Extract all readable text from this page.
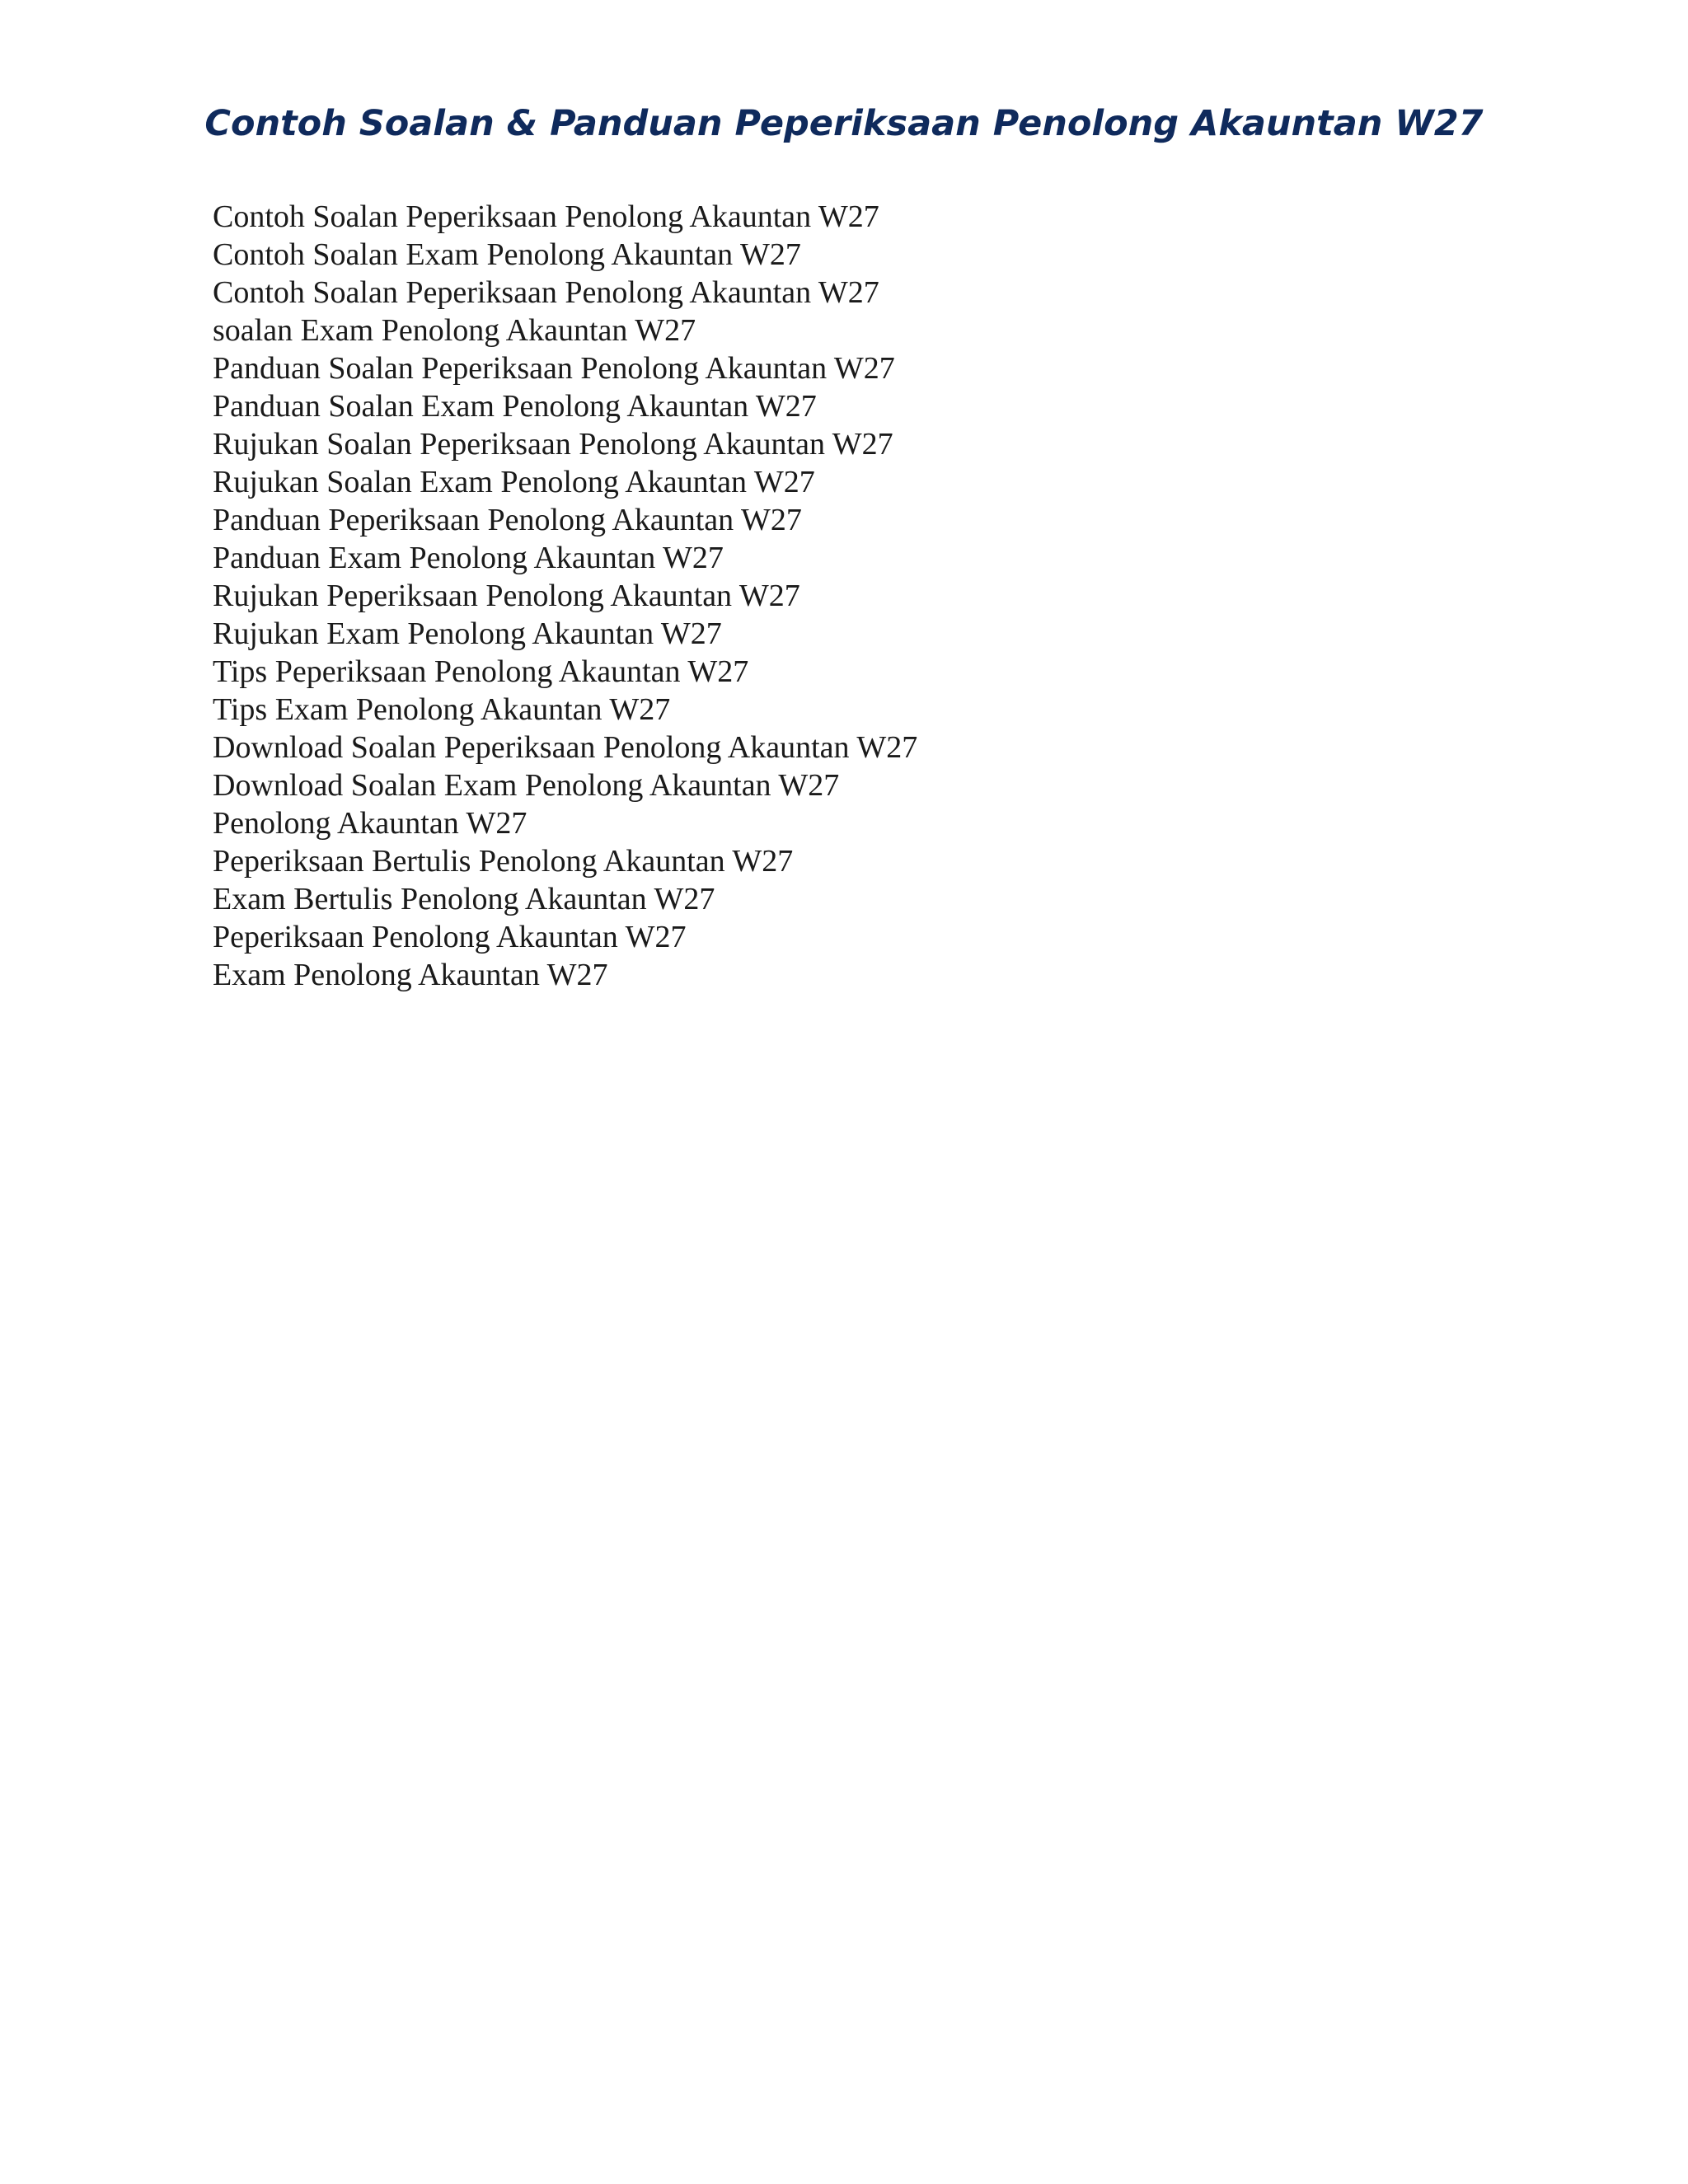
Contoh Soalan & Panduan Peperiksaan Penolong Akauntan W27
Contoh Soalan Peperiksaan Penolong Akauntan W27
Contoh Soalan Exam Penolong Akauntan W27
Contoh Soalan Peperiksaan Penolong Akauntan W27
soalan Exam Penolong Akauntan W27
Panduan Soalan Peperiksaan Penolong Akauntan W27
Panduan Soalan Exam Penolong Akauntan W27
Rujukan Soalan Peperiksaan Penolong Akauntan W27
Rujukan Soalan Exam Penolong Akauntan W27
Panduan Peperiksaan Penolong Akauntan W27
Panduan Exam Penolong Akauntan W27
Rujukan Peperiksaan Penolong Akauntan W27
Rujukan Exam Penolong Akauntan W27
Tips Peperiksaan Penolong Akauntan W27
Tips Exam Penolong Akauntan W27
Download Soalan Peperiksaan Penolong Akauntan W27
Download Soalan Exam Penolong Akauntan W27
Penolong Akauntan W27
Peperiksaan Bertulis Penolong Akauntan W27
Exam Bertulis Penolong Akauntan W27
Peperiksaan Penolong Akauntan W27
Exam Penolong Akauntan W27
